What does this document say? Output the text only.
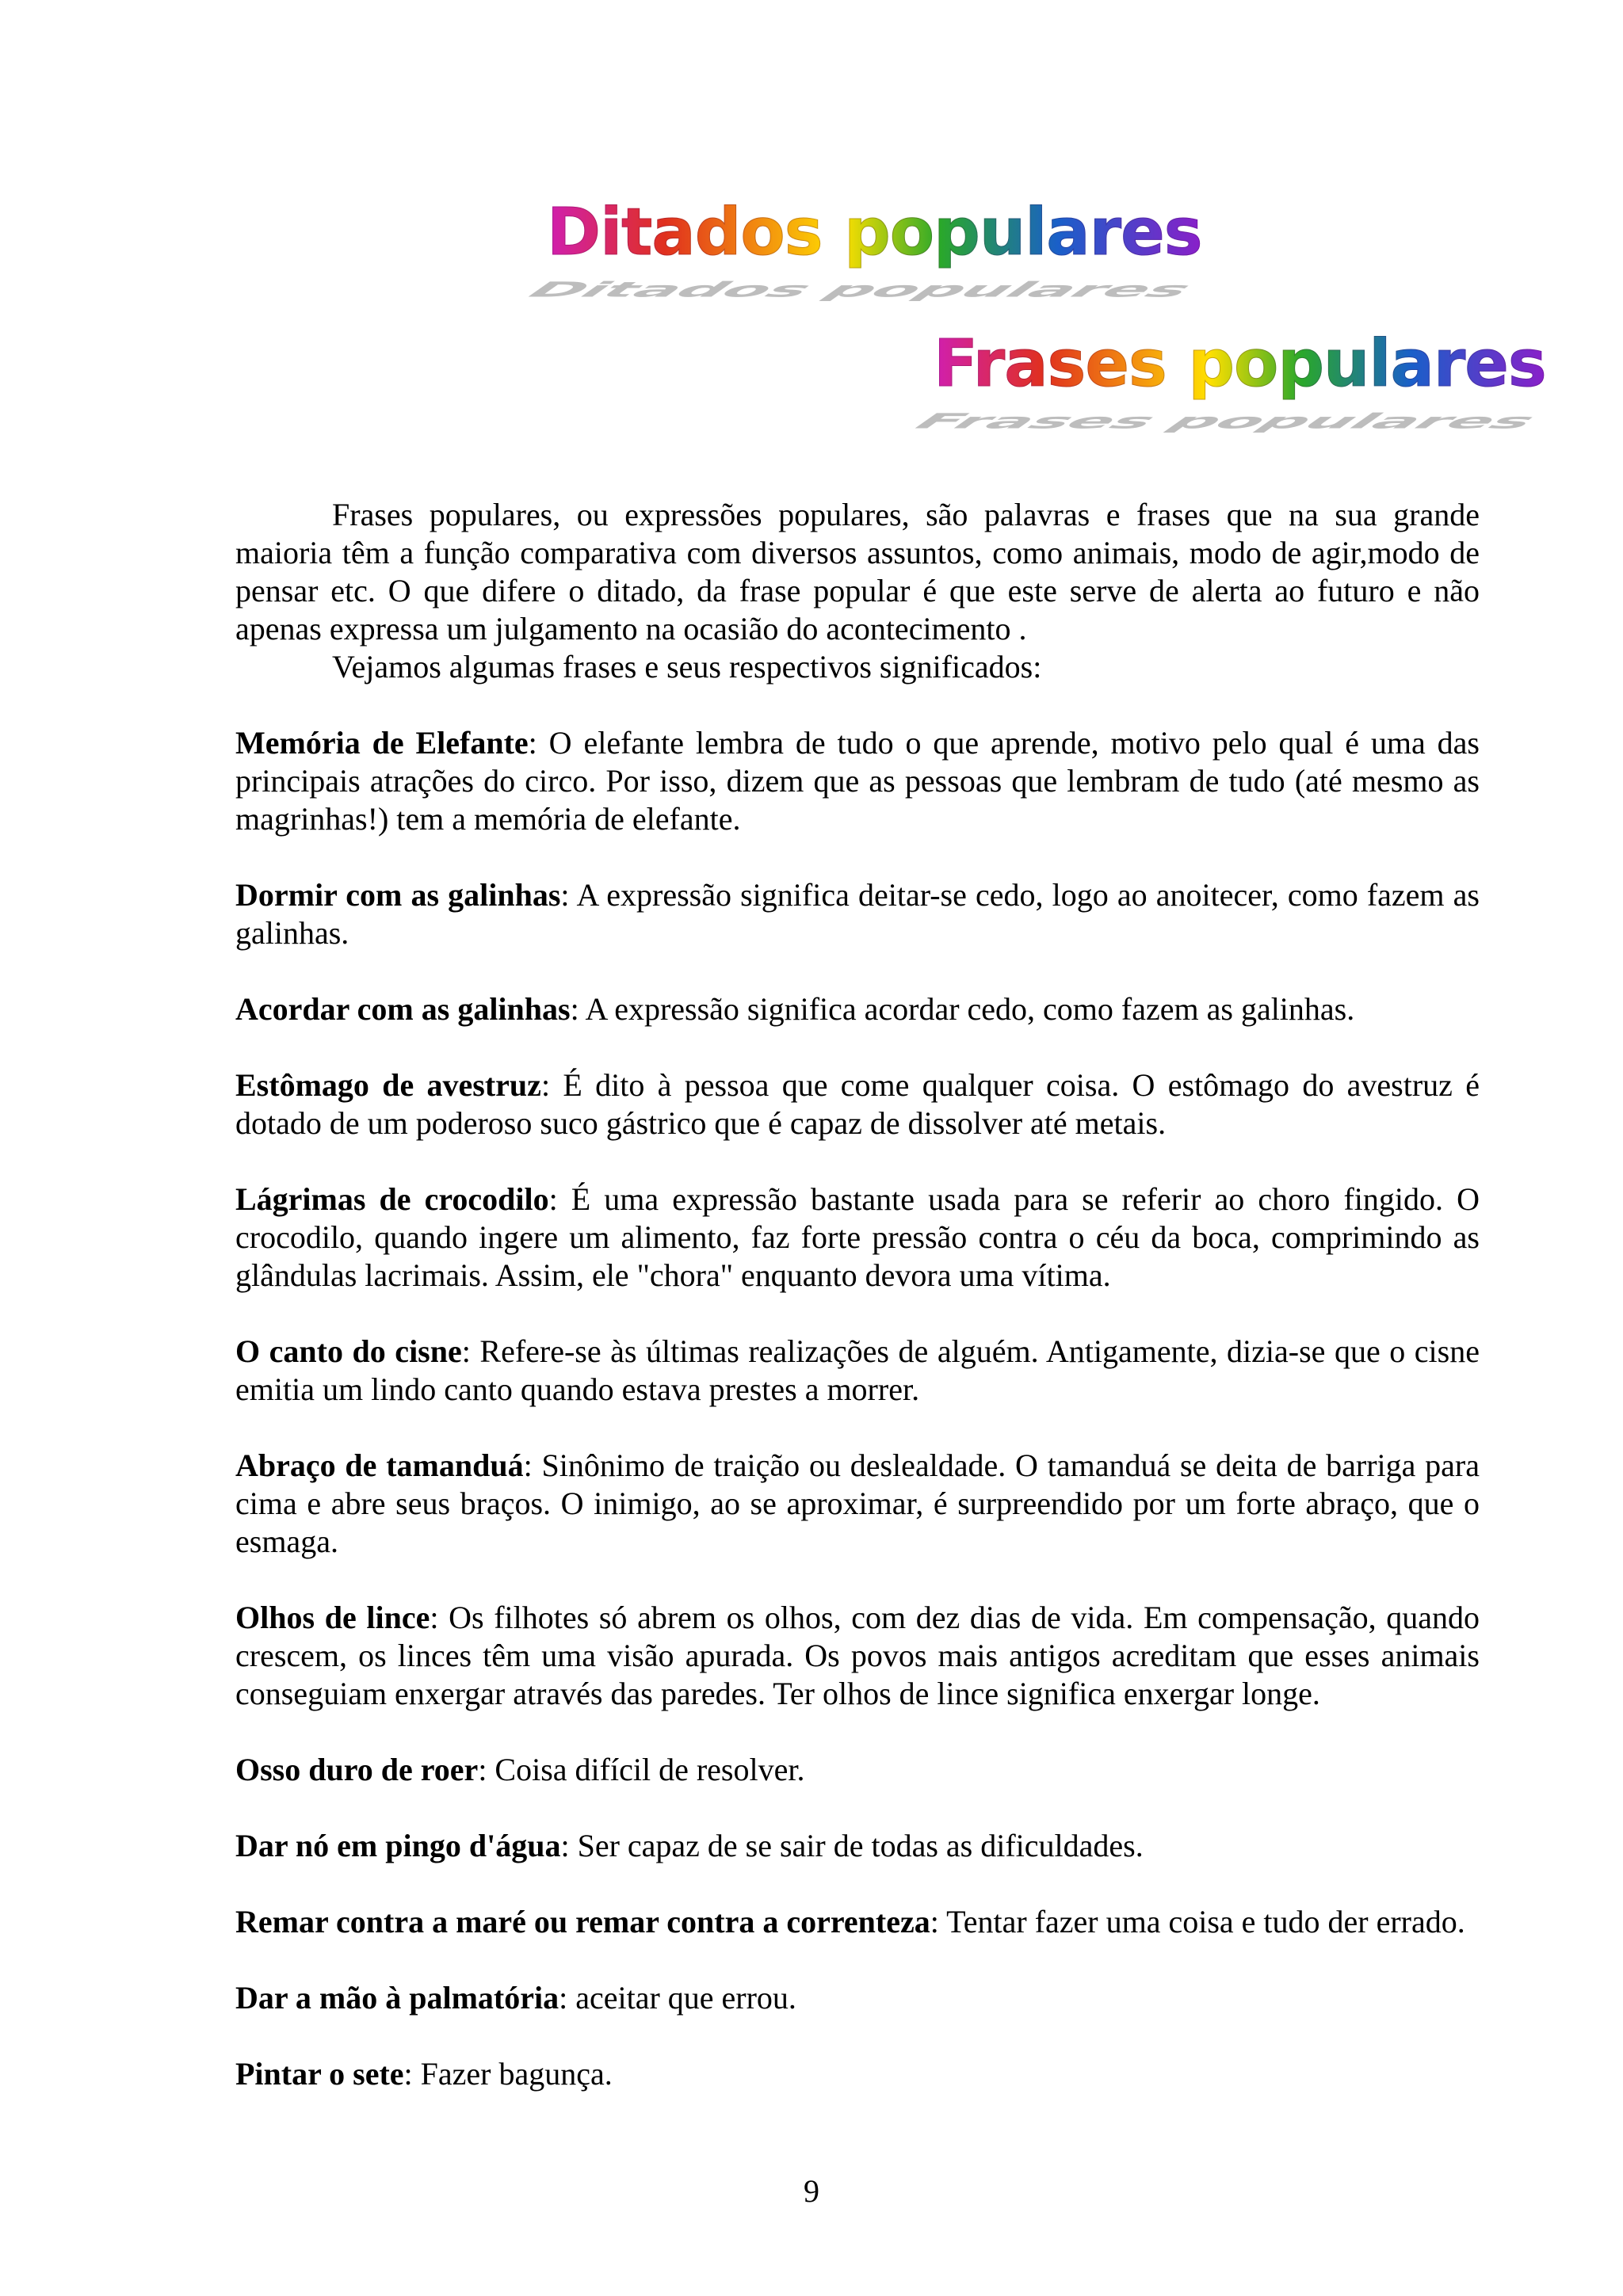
Ditados populares
Ditados populares
Frases populares
Frases populares

Frases populares, ou expressões populares, são palavras e frases que na sua grande maioria têm a função comparativa com diversos assuntos, como animais, modo de agir,modo de pensar etc. O que difere o ditado, da frase popular é que este serve de alerta ao futuro e não apenas expressa um julgamento na ocasião do acontecimento .

Vejamos algumas frases e seus respectivos significados:

Memória de Elefante: O elefante lembra de tudo o que aprende, motivo pelo qual é uma das principais atrações do circo. Por isso, dizem que as pessoas que lembram de tudo (até mesmo as magrinhas!) tem a memória de elefante.

Dormir com as galinhas: A expressão significa deitar-se cedo, logo ao anoitecer, como fazem as galinhas.

Acordar com as galinhas: A expressão significa acordar cedo, como fazem as galinhas.

Estômago de avestruz: É dito à pessoa que come qualquer coisa. O estômago do avestruz é dotado de um poderoso suco gástrico que é capaz de dissolver até metais.

Lágrimas de crocodilo: É uma expressão bastante usada para se referir ao choro fingido. O crocodilo, quando ingere um alimento, faz forte pressão contra o céu da boca, comprimindo as glândulas lacrimais. Assim, ele "chora" enquanto devora uma vítima.

O canto do cisne: Refere-se às últimas realizações de alguém. Antigamente, dizia-se que o cisne emitia um lindo canto quando estava prestes a morrer.

Abraço de tamanduá: Sinônimo de traição ou deslealdade. O tamanduá se deita de barriga para cima e abre seus braços. O inimigo, ao se aproximar, é surpreendido por um forte abraço, que o esmaga.

Olhos de lince: Os filhotes só abrem os olhos, com dez dias de vida. Em compensação, quando crescem, os linces têm uma visão apurada. Os povos mais antigos acreditam que esses animais conseguiam enxergar através das paredes. Ter olhos de lince significa enxergar longe.

Osso duro de roer: Coisa difícil de resolver.

Dar nó em pingo d'água: Ser capaz de se sair de todas as dificuldades.

Remar contra a maré ou remar contra a correnteza: Tentar fazer uma coisa e tudo der errado.

Dar a mão à palmatória: aceitar que errou.

Pintar o sete: Fazer bagunça.

9
